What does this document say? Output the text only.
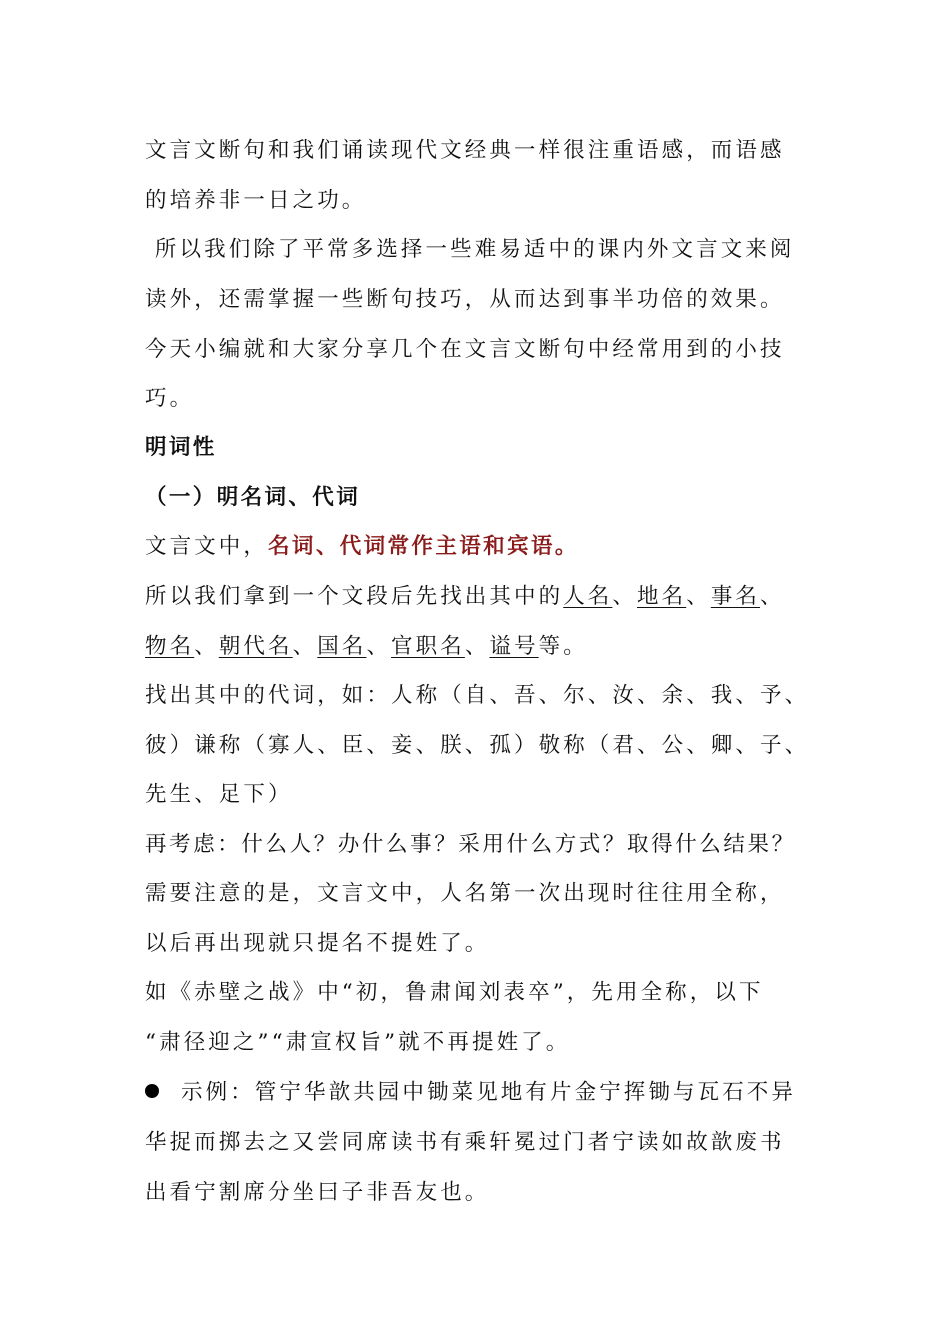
文言文断句和我们诵读现代文经典一样很注重语感，而语感
的培养非一日之功。
所以我们除了平常多选择一些难易适中的课内外文言文来阅
读外，还需掌握一些断句技巧，从而达到事半功倍的效果。
今天小编就和大家分享几个在文言文断句中经常用到的小技
巧。
明词性
（一）明名词、代词
文言文中，名词、代词常作主语和宾语。
所以我们拿到一个文段后先找出其中的人名、地名、事名、
物名、朝代名、国名、官职名、谥号等。
找出其中的代词，如：人称（自、吾、尔、汝、余、我、予、
彼）谦称（寡人、臣、妾、朕、孤）敬称（君、公、卿、子、
先生、足下）
再考虑：什么人？办什么事？采用什么方式？取得什么结果？
需要注意的是，文言文中，人名第一次出现时往往用全称，
以后再出现就只提名不提姓了。
如《赤壁之战》中“初，鲁肃闻刘表卒”，先用全称，以下
“肃径迎之”“肃宣权旨”就不再提姓了。
示例：管宁华歆共园中锄菜见地有片金宁挥锄与瓦石不异
华捉而掷去之又尝同席读书有乘轩冕过门者宁读如故歆废书
出看宁割席分坐曰子非吾友也。
